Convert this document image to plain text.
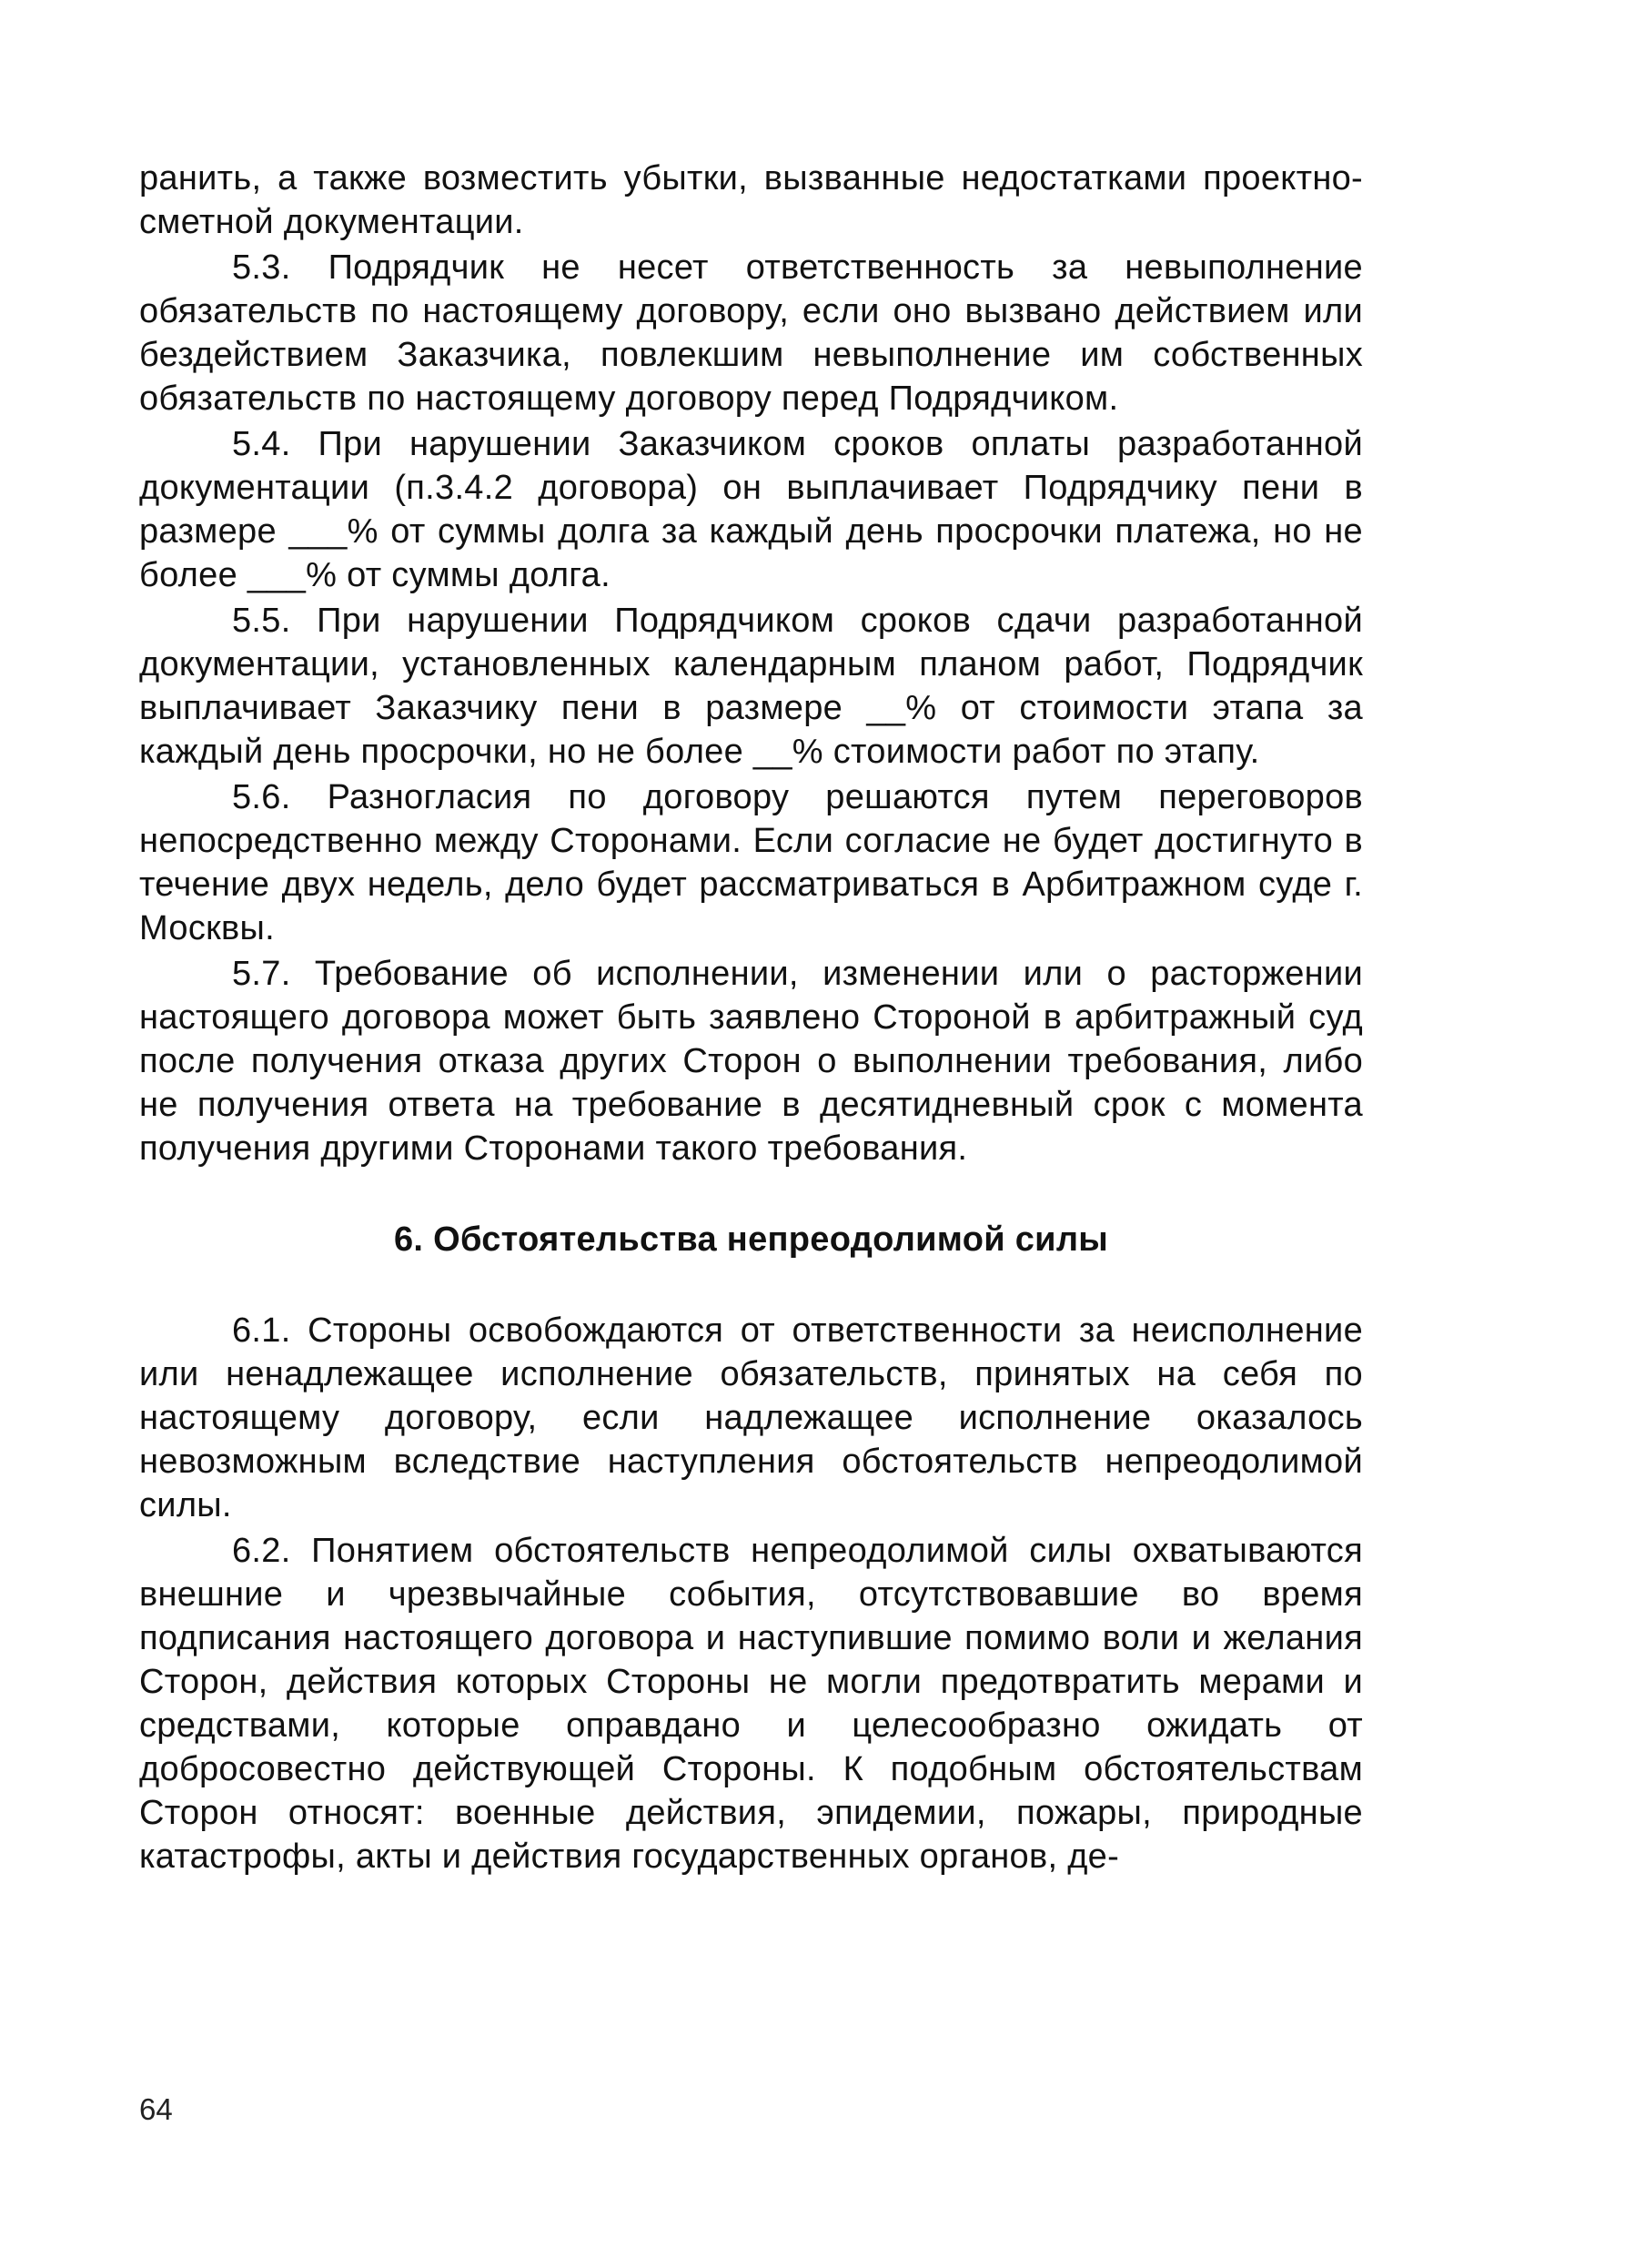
ранить, а также возместить убытки, вызванные недостатками проектно-сметной документации.

5.3. Подрядчик не несет ответственность за невыполнение обязательств по настоящему договору, если оно вызвано действием или бездействием Заказчика, повлекшим невыполнение им собственных обязательств по настоящему договору перед Подрядчиком.

5.4. При нарушении Заказчиком сроков оплаты разработанной документации (п.3.4.2 договора) он выплачивает Подрядчику пени в размере ___% от суммы долга за каждый день просрочки платежа, но не более ___% от суммы долга.

5.5. При нарушении Подрядчиком сроков сдачи разработанной документации, установленных календарным планом работ, Подрядчик выплачивает Заказчику пени в размере __% от стоимости этапа за каждый день просрочки, но не более __% стоимости работ по этапу.

5.6. Разногласия по договору решаются путем переговоров непосредственно между Сторонами. Если согласие не будет достигнуто в течение двух недель, дело будет рассматриваться в Арбитражном суде г. Москвы.

5.7. Требование об исполнении, изменении или о расторжении настоящего договора может быть заявлено Стороной в арбитражный суд после получения отказа других Сторон о выполнении требования, либо не получения ответа на требование в десятидневный срок с момента получения другими Сторонами такого требования.

6. Обстоятельства непреодолимой силы

6.1. Стороны освобождаются от ответственности за неисполнение или ненадлежащее исполнение обязательств, принятых на себя по настоящему договору, если надлежащее исполнение оказалось невозможным вследствие наступления обстоятельств непреодолимой силы.

6.2. Понятием обстоятельств непреодолимой силы охватываются внешние и чрезвычайные события, отсутствовавшие во время подписания настоящего договора и наступившие помимо воли и желания Сторон, действия которых Стороны не могли предотвратить мерами и средствами, которые оправдано и целесообразно ожидать от добросовестно действующей Стороны. К подобным обстоятельствам Сторон относят: военные действия, эпидемии, пожары, природные катастрофы, акты и действия государственных органов, де-

64
